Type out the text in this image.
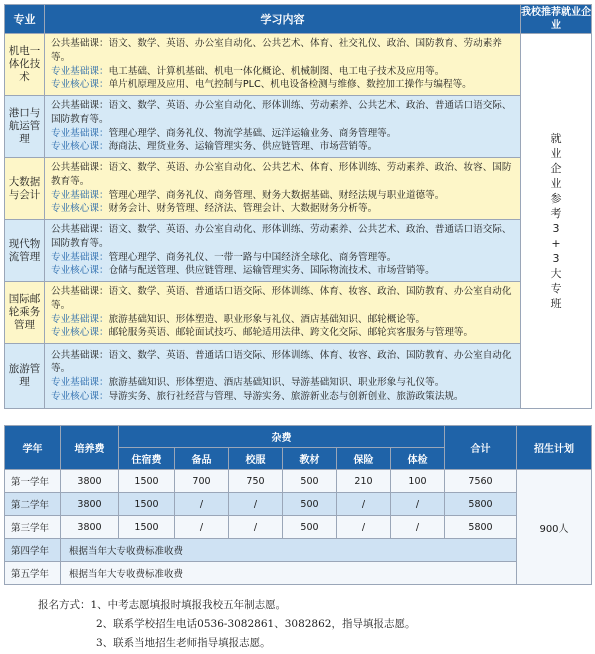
专业	学习内容	我校推荐就业企业
机电一体化技术	公共基础课：语文、数学、英语、办公室自动化、公共艺术、体育、社交礼仪、政治、国防教育、劳动素养等。
专业基础课：电工基础、计算机基础、机电一体化概论、机械制图、电工电子技术及应用等。
专业核心课：单片机原理及应用、电气控制与PLC、机电设备检测与维修、数控加工操作与编程等。	就业企业参考3+3大专班
港口与航运管理	公共基础课：语文、数学、英语、办公室自动化、形体训练、劳动素养、公共艺术、政治、普通话口语交际、国防教育等。
专业基础课：管理心理学、商务礼仪、物流学基础、远洋运输业务、商务管理等。
专业核心课：海商法、理货业务、运输管理实务、供应链管理、市场营销等。	

大数据与会计	公共基础课：语文、数学、英语、办公室自动化、公共艺术、体育、形体训练、劳动素养、政治、妆容、国防教育等。
专业基础课：管理心理学、商务礼仪、商务管理、财务大数据基础、财经法规与职业道德等。
专业核心课：财务会计、财务管理、经济法、管理会计、大数据财务分析等。	

现代物流管理	公共基础课：语文、数学、英语、办公室自动化、形体训练、劳动素养、公共艺术、政治、普通话口语交际、国防教育等。
专业基础课：管理心理学、商务礼仪、一带一路与中国经济全球化、商务管理等。
专业核心课：仓储与配送管理、供应链管理、运输管理实务、国际物流技术、市场营销等。	

国际邮轮乘务管理	公共基础课：语文、数学、英语、普通话口语交际、形体训练、体育、妆容、政治、国防教育、办公室自动化等。
专业基础课：旅游基础知识、形体塑造、职业形象与礼仪、酒店基础知识、邮轮概论等。
专业核心课：邮轮服务英语、邮轮面试技巧、邮轮适用法律、跨文化交际、邮轮宾客服务与管理等。	

旅游管理	公共基础课：语文、数学、英语、普通话口语交际、形体训练、体育、妆容、政治、国防教育、办公室自动化等。
专业基础课：旅游基础知识、形体塑造、酒店基础知识、导游基础知识、职业形象与礼仪等。
专业核心课：导游实务、旅行社经营与管理、导游实务、旅游新业态与创新创业、旅游政策法规。	
学年	培养费	杂费						合计	招生计划
		住宿费	备品	校服	教材	保险	体检		
第一学年	3800	1500	700	750	500	210	100	7560	900人
第二学年	3800	1500	/	/	500	/	/	5800	
第三学年	3800	1500	/	/	500	/	/	5800	
第四学年	根据当年大专收费标准收费								
第五学年	根据当年大专收费标准收费								
报名方式：1、中考志愿填报时填报我校五年制志愿。
2、联系学校招生电话0536-3082861、3082862，指导填报志愿。
3、联系当地招生老师指导填报志愿。
